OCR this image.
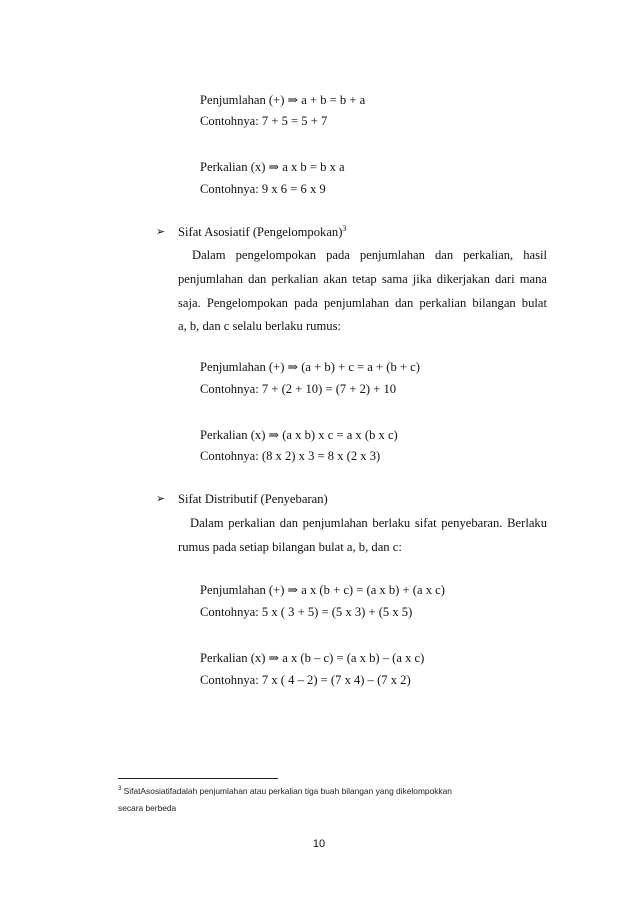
Penjumlahan (+) ⇒ a + b = b + a
Contohnya: 7 + 5 = 5 + 7
Perkalian (x) ⇒ a x b = b x a
Contohnya: 9 x 6 = 6 x 9
➢ Sifat Asosiatif (Pengelompokan)$^3$
Dalam pengelompokan pada penjumlahan dan perkalian, hasil
penjumlahan dan perkalian akan tetap sama jika dikerjakan dari mana
saja. Pengelompokan pada penjumlahan dan perkalian bilangan bulat
a, b, dan c selalu berlaku rumus:
Penjumlahan (+) ⇒ (a + b) + c = a + (b + c)
Contohnya: 7 + (2 + 10) = (7 + 2) + 10
Perkalian (x) ⇒ (a x b) x c = a x (b x c)
Contohnya: (8 x 2) x 3 = 8 x (2 x 3)
➢ Sifat Distributif (Penyebaran)
Dalam perkalian dan penjumlahan berlaku sifat penyebaran. Berlaku
rumus pada setiap bilangan bulat a, b, dan c:
Penjumlahan (+) ⇒ a x (b + c) = (a x b) + (a x c)
Contohnya: 5 x ( 3 + 5) = (5 x 3) + (5 x 5)
Perkalian (x) ⇒ a x (b – c) = (a x b) – (a x c)
Contohnya: 7 x ( 4 – 2) = (7 x 4) – (7 x 2)
$^3$ SifatAsosiatifadalah penjumlahan atau perkalian tiga buah bilangan yang dikelompokkan
secara berbeda
10
